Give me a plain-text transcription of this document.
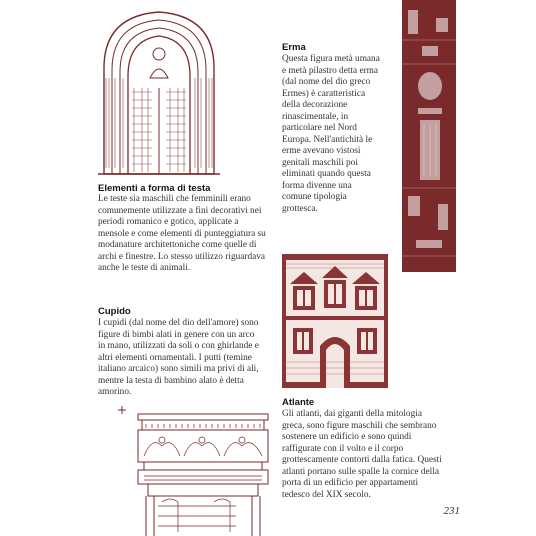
Elementi a forma di testa

Le teste sia maschili che femminili erano
comunemente utilizzate a fini decorativi nei
periodi romanico e gotico, applicate a
mensole e come elementi di punteggiatura su
modanature architettoniche come quelle di
archi e finestre. Lo stesso utilizzo riguardava
anche le teste di animali.

Cupido

I cupidi (dal nome del dio dell'amore) sono
figure di bimbi alati in genere con un arco
in mano, utilizzati da soli o con ghirlande e
altri elementi ornamentali. I putti (temine
italiano arcaico) sono simili ma privi di ali,
mentre la testa di bambino alato è detta
amorino.

Erma

Questa figura metà umana
e metà pilastro detta erma
(dal nome del dio greco
Ermes) è caratteristica
della decorazione
rinascimentale, in
particolare nel Nord
Europa. Nell'antichità le
erme avevano vistosi
genitali maschili poi
eliminati quando questa
forma divenne una
comune tipologia
grottesca.

Atlante

Gli atlanti, dai giganti della mitologia
greca, sono figure maschili che sembrano
sostenere un edificio e sono quindi
raffigurate con il volto e il corpo
grottescamente contorti dalla fatica. Questi
atlanti portano sulle spalle la cornice della
porta di un edificio per appartamenti
tedesco del XIX secolo.

231
